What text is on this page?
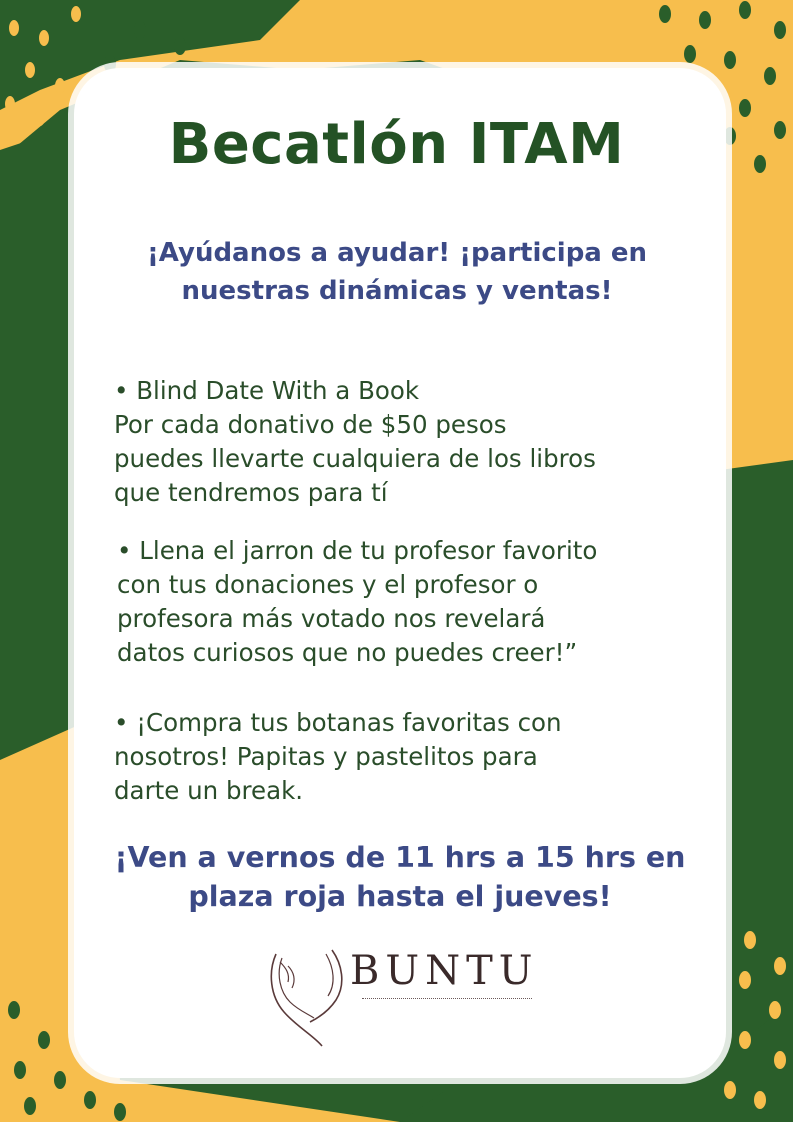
Becatlón ITAM
¡Ayúdanos a ayudar! ¡participa en nuestras dinámicas y ventas!
• Blind Date With a Book
Por cada donativo de $50 pesos
puedes llevarte cualquiera de los libros
que tendremos para tí
• Llena el jarron de tu profesor favorito
con tus donaciones y el profesor o
profesora más votado nos revelará
datos curiosos que no puedes creer!”
• ¡Compra tus botanas favoritas con
nosotros! Papitas y pastelitos para
darte un break.
¡Ven a vernos de 11 hrs a 15 hrs en plaza roja hasta el jueves!
BUNTU
